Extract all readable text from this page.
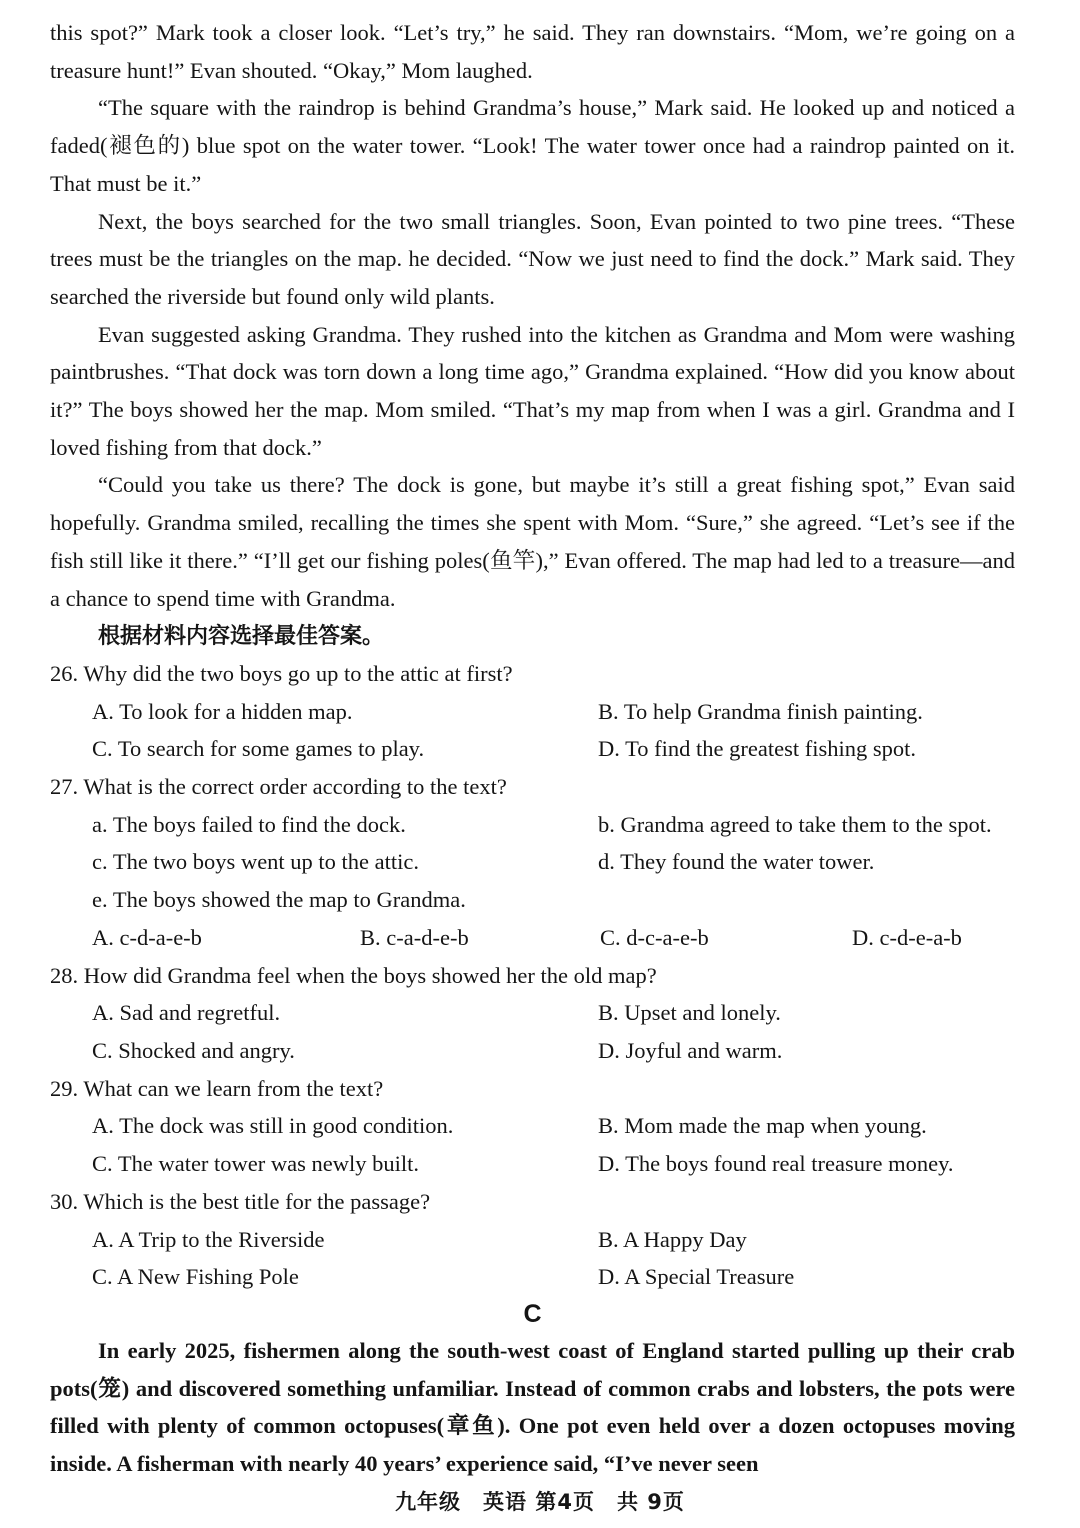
this spot?” Mark took a closer look. “Let’s try,” he said. They ran downstairs. “Mom, we’re going on a treasure hunt!” Evan shouted. “Okay,” Mom laughed.

“The square with the raindrop is behind Grandma’s house,” Mark said. He looked up and noticed a faded(褪色的) blue spot on the water tower. “Look! The water tower once had a raindrop painted on it. That must be it.”

Next, the boys searched for the two small triangles. Soon, Evan pointed to two pine trees. “These trees must be the triangles on the map. he decided. “Now we just need to find the dock.” Mark said. They searched the riverside but found only wild plants.

Evan suggested asking Grandma. They rushed into the kitchen as Grandma and Mom were washing paintbrushes. “That dock was torn down a long time ago,” Grandma explained. “How did you know about it?” The boys showed her the map. Mom smiled. “That’s my map from when I was a girl. Grandma and I loved fishing from that dock.”

“Could you take us there? The dock is gone, but maybe it’s still a great fishing spot,” Evan said hopefully. Grandma smiled, recalling the times she spent with Mom. “Sure,” she agreed. “Let’s see if the fish still like it there.” “I’ll get our fishing poles(鱼竿),” Evan offered. The map had led to a treasure—and a chance to spend time with Grandma.

根据材料内容选择最佳答案。

26. Why did the two boys go up to the attic at first?

A. To look for a hidden map.	B. To help Grandma finish painting.
C. To search for some games to play.	D. To find the greatest fishing spot.

27. What is the correct order according to the text?

a. The boys failed to find the dock.	b. Grandma agreed to take them to the spot.
c. The two boys went up to the attic.	d. They found the water tower.
e. The boys showed the map to Grandma.
A. c-d-a-e-b	B. c-a-d-e-b	C. d-c-a-e-b	D. c-d-e-a-b

28. How did Grandma feel when the boys showed her the old map?

A. Sad and regretful.	B. Upset and lonely.
C. Shocked and angry.	D. Joyful and warm.

29. What can we learn from the text?

A. The dock was still in good condition.	B. Mom made the map when young.
C. The water tower was newly built.	D. The boys found real treasure money.

30. Which is the best title for the passage?

A. A Trip to the Riverside	B. A Happy Day
C. A New Fishing Pole	D. A Special Treasure

C

In early 2025, fishermen along the south-west coast of England started pulling up their crab pots(笼) and discovered something unfamiliar. Instead of common crabs and lobsters, the pots were filled with plenty of common octopuses(章鱼). One pot even held over a dozen octopuses moving inside. A fisherman with nearly 40 years’ experience said, “I’ve never seen

九年级　英语 第4页　共 9页
